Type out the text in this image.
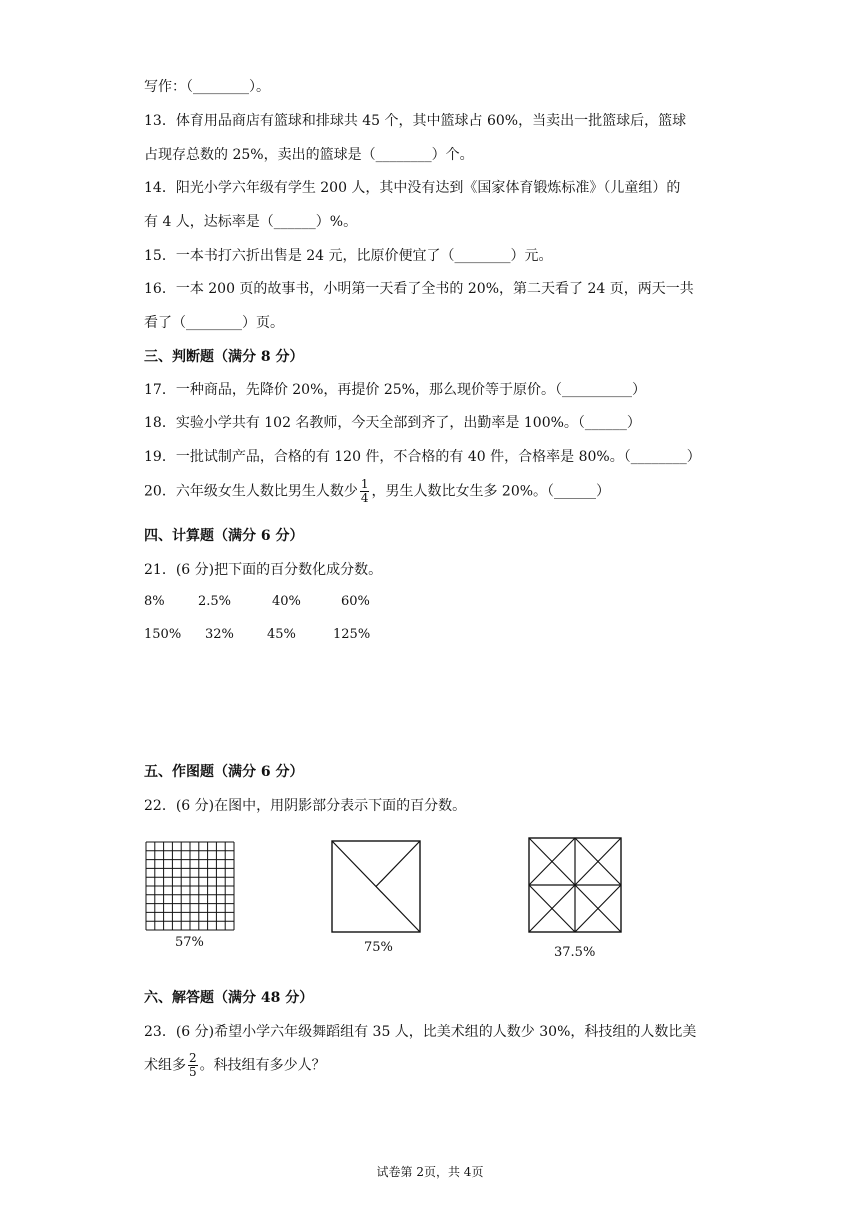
写作：（________）。
13．体育用品商店有篮球和排球共 45 个，其中篮球占 60%，当卖出一批篮球后，篮球
占现存总数的 25%，卖出的篮球是（________）个。
14．阳光小学六年级有学生 200 人，其中没有达到《国家体育锻炼标准》（儿童组）的
有 4 人，达标率是（______）%。
15．一本书打六折出售是 24 元，比原价便宜了（________）元。
16．一本 200 页的故事书，小明第一天看了全书的 20%，第二天看了 24 页，两天一共
看了（________）页。
三、判断题（满分 8 分）
17．一种商品，先降价 20%，再提价 25%，那么现价等于原价。（__________）
18．实验小学共有 102 名教师，今天全部到齐了，出勤率是 100%。（______）
19．一批试制产品，合格的有 120 件，不合格的有 40 件，合格率是 80%。（________）
20．六年级女生人数比男生人数少 $\frac{1}{4}$ ，男生人数比女生多 20%。（______）
四、计算题（满分 6 分）
21．(6 分)把下面的百分数化成分数。
8%	2.5%	40%	60%
150% 32%	45%	125%
五、作图题（满分 6 分）
22．(6 分)在图中，用阴影部分表示下面的百分数。
57%	75%	37.5%
六、解答题（满分 48 分）
23．(6 分)希望小学六年级舞蹈组有 35 人，比美术组的人数少 30%，科技组的人数比美
术组多 $\frac{2}{5}$ 。科技组有多少人？
试卷第 2页，共 4页
